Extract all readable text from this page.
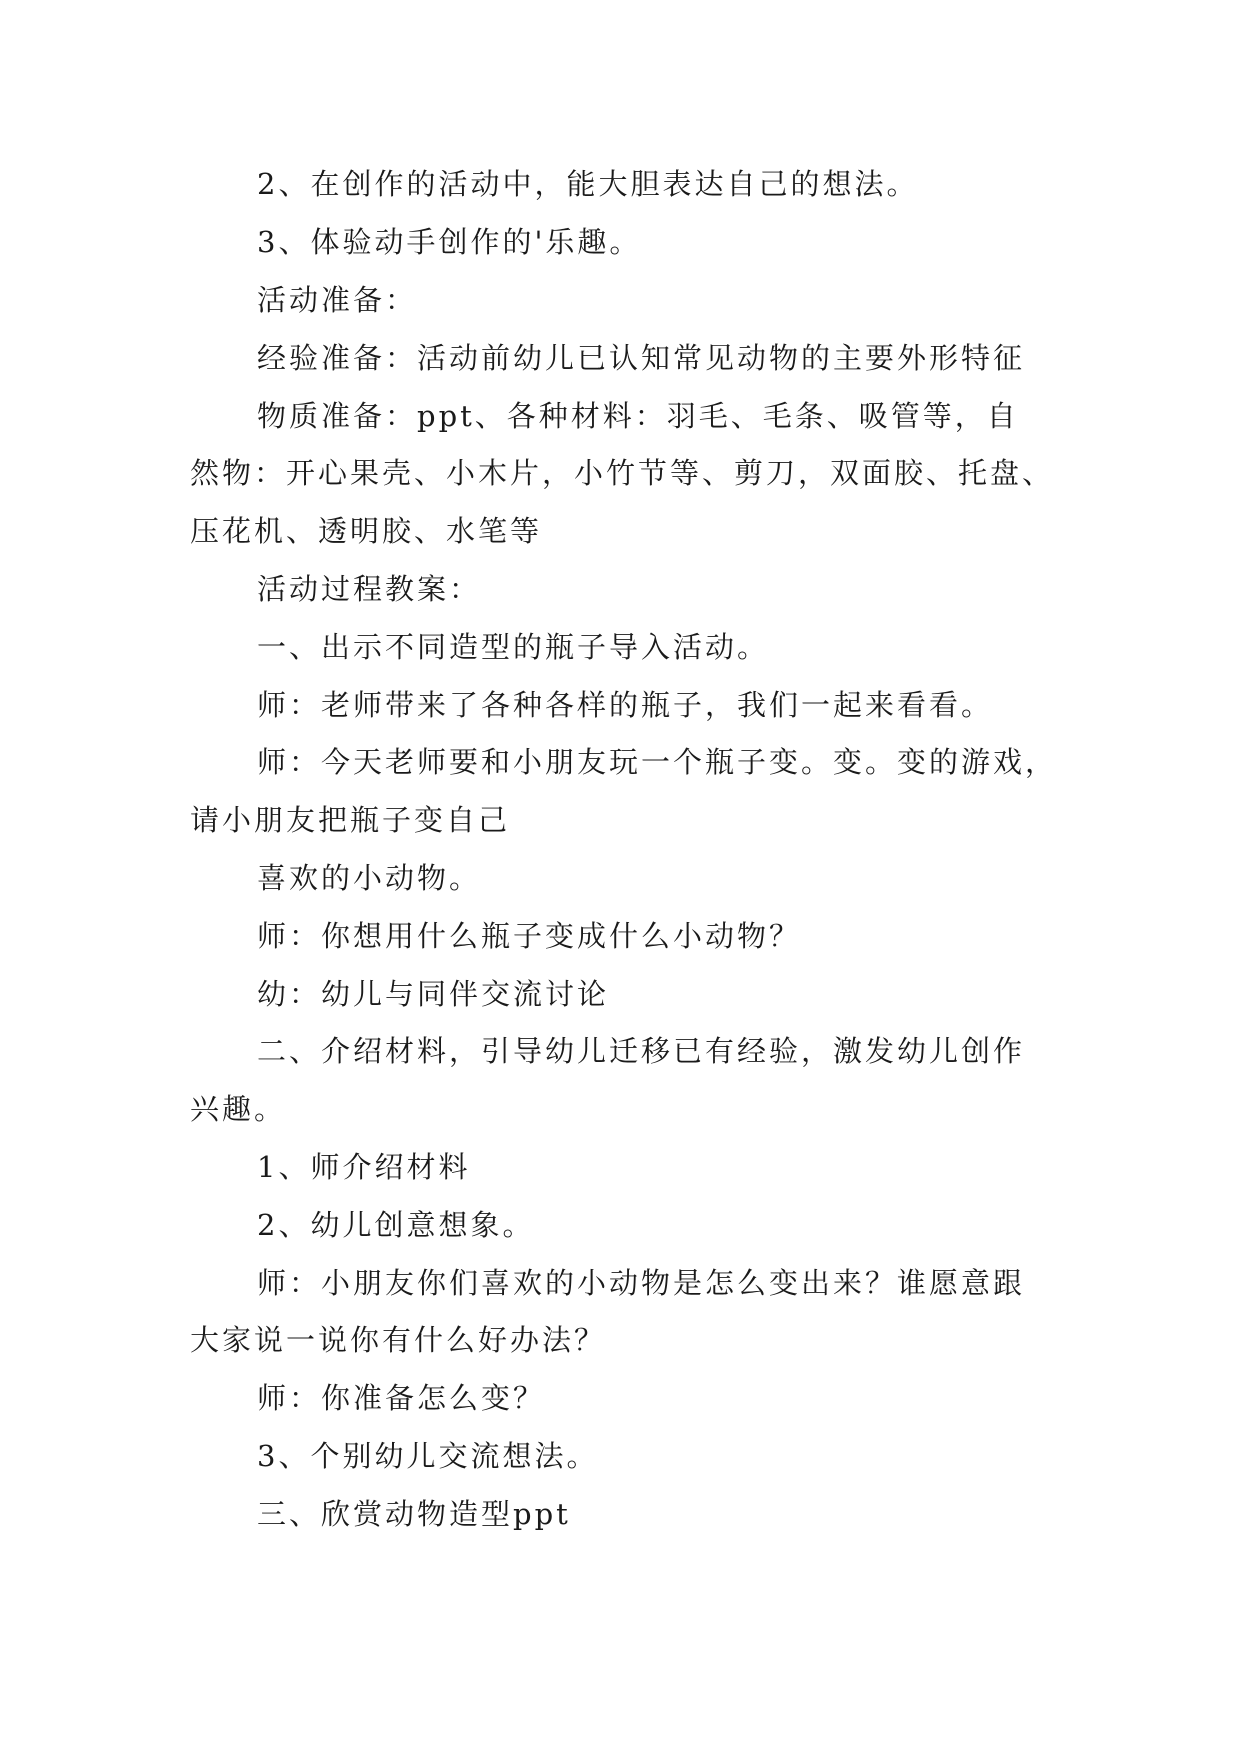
2、在创作的活动中，能大胆表达自己的想法。
3、体验动手创作的'乐趣。
活动准备：
经验准备：活动前幼儿已认知常见动物的主要外形特征
物质准备：ppt、各种材料：羽毛、毛条、吸管等，自
然物：开心果壳、小木片，小竹节等、剪刀，双面胶、托盘、
压花机、透明胶、水笔等
活动过程教案：
一、出示不同造型的瓶子导入活动。
师：老师带来了各种各样的瓶子，我们一起来看看。
师：今天老师要和小朋友玩一个瓶子变。变。变的游戏，
请小朋友把瓶子变自己
喜欢的小动物。
师：你想用什么瓶子变成什么小动物？
幼：幼儿与同伴交流讨论
二、介绍材料，引导幼儿迁移已有经验，激发幼儿创作
兴趣。
1、师介绍材料
2、幼儿创意想象。
师：小朋友你们喜欢的小动物是怎么变出来？谁愿意跟
大家说一说你有什么好办法？
师：你准备怎么变？
3、个别幼儿交流想法。
三、欣赏动物造型ppt
